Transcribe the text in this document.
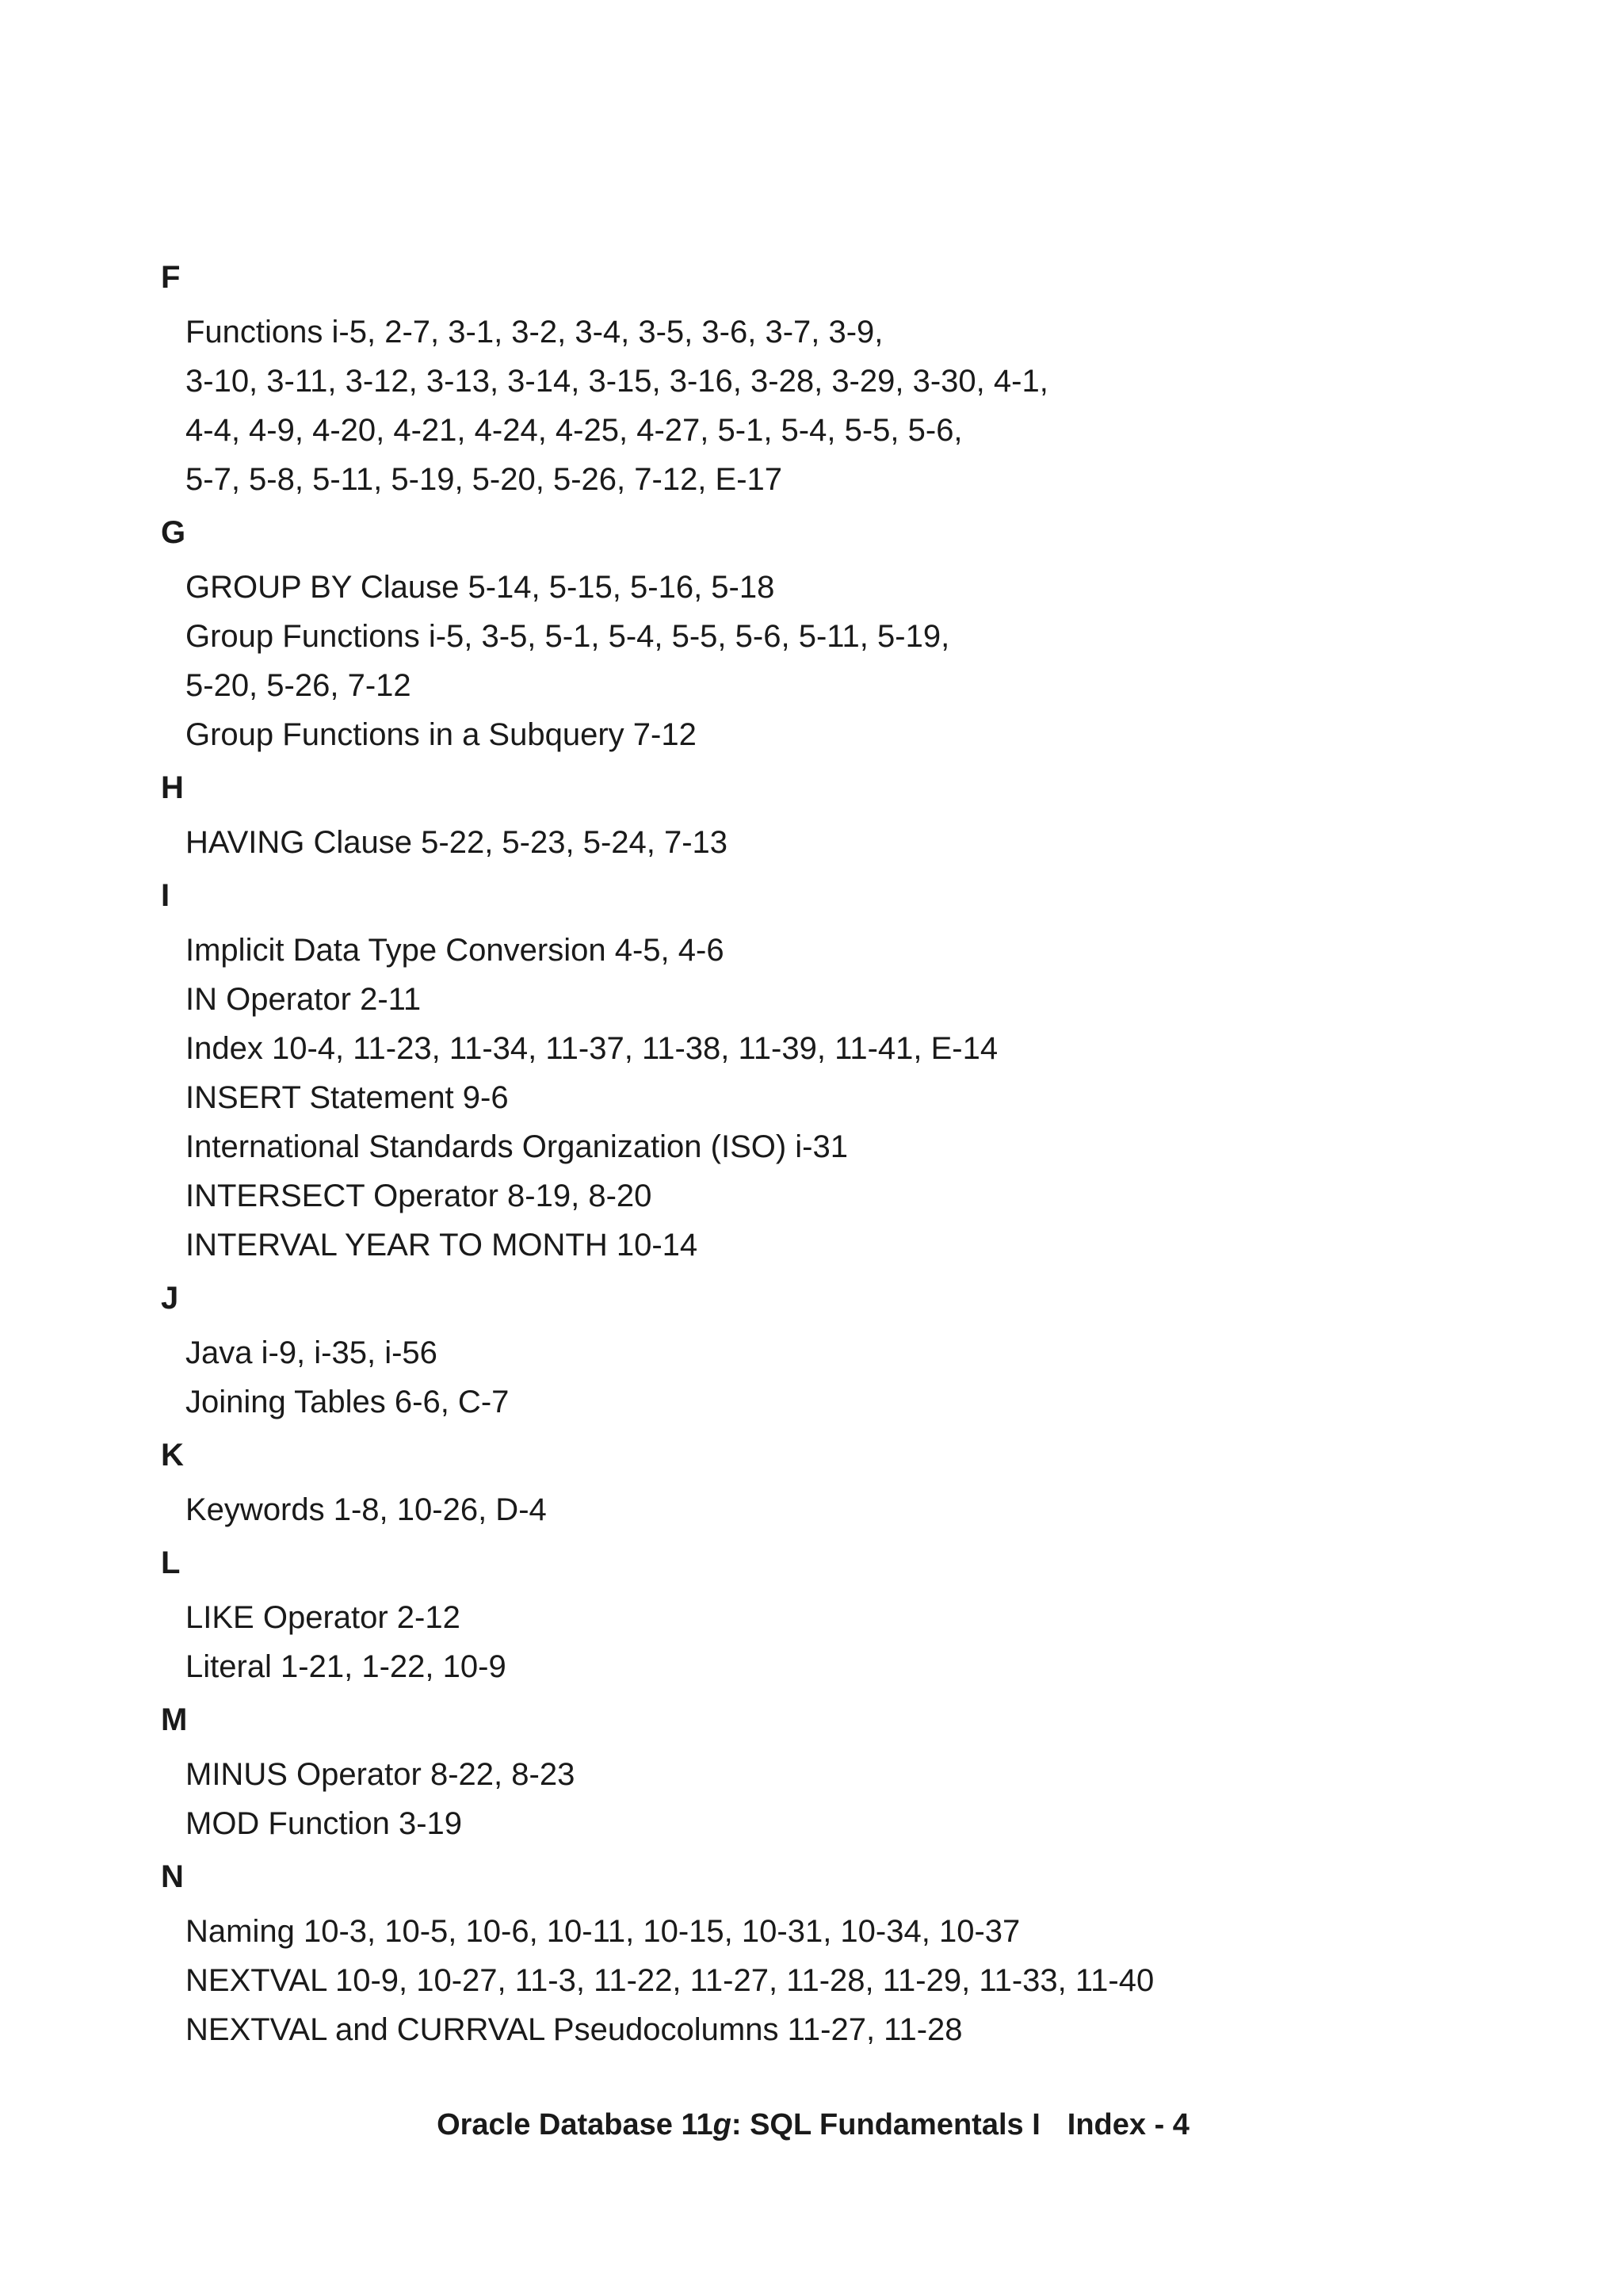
F
Functions i-5, 2-7, 3-1, 3-2, 3-4, 3-5, 3-6, 3-7, 3-9,
3-10, 3-11, 3-12, 3-13, 3-14, 3-15, 3-16, 3-28, 3-29, 3-30, 4-1,
4-4, 4-9, 4-20, 4-21, 4-24, 4-25, 4-27, 5-1, 5-4, 5-5, 5-6,
5-7, 5-8, 5-11, 5-19, 5-20, 5-26, 7-12, E-17
G
GROUP BY Clause 5-14, 5-15, 5-16, 5-18
Group Functions i-5, 3-5, 5-1, 5-4, 5-5, 5-6, 5-11, 5-19,
5-20, 5-26, 7-12
Group Functions in a Subquery 7-12
H
HAVING Clause 5-22, 5-23, 5-24, 7-13
I
Implicit Data Type Conversion 4-5, 4-6
IN Operator 2-11
Index 10-4, 11-23, 11-34, 11-37, 11-38, 11-39, 11-41, E-14
INSERT Statement 9-6
International Standards Organization (ISO) i-31
INTERSECT Operator 8-19, 8-20
INTERVAL YEAR TO MONTH 10-14
J
Java i-9, i-35, i-56
Joining Tables 6-6, C-7
K
Keywords 1-8, 10-26, D-4
L
LIKE Operator 2-12
Literal 1-21, 1-22, 10-9
M
MINUS Operator 8-22, 8-23
MOD Function 3-19
N
Naming 10-3, 10-5, 10-6, 10-11, 10-15, 10-31, 10-34, 10-37
NEXTVAL 10-9, 10-27, 11-3, 11-22, 11-27, 11-28, 11-29, 11-33, 11-40
NEXTVAL and CURRVAL Pseudocolumns 11-27, 11-28
Oracle Database 11g: SQL Fundamentals I Index - 4
